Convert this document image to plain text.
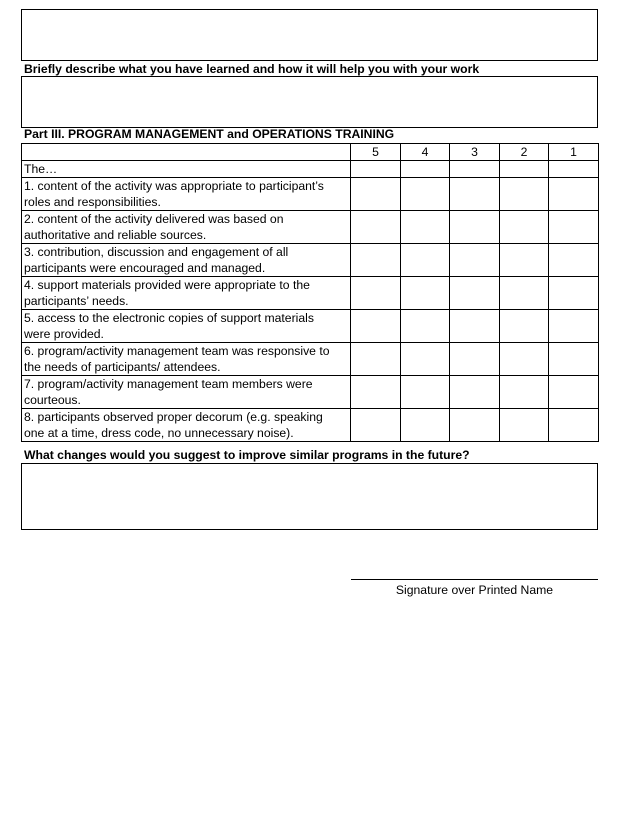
Briefly describe what you have learned and how it will help you with your work
Part III. PROGRAM MANAGEMENT and OPERATIONS TRAINING
	5	4	3	2	1
The…					
1. content of the activity was appropriate to participant’s
roles and responsibilities.					
2. content of the activity delivered was based on
authoritative and reliable sources.					
3. contribution, discussion and engagement of all
participants were encouraged and managed.					
4. support materials provided were appropriate to the
participants’ needs.					
5. access to the electronic copies of support materials
were provided.					
6. program/activity management team was responsive to
the needs of participants/ attendees.					
7. program/activity management team members were
courteous.					
8. participants observed proper decorum (e.g. speaking
one at a time, dress code, no unnecessary noise).					
What changes would you suggest to improve similar programs in the future?
Signature over Printed Name
